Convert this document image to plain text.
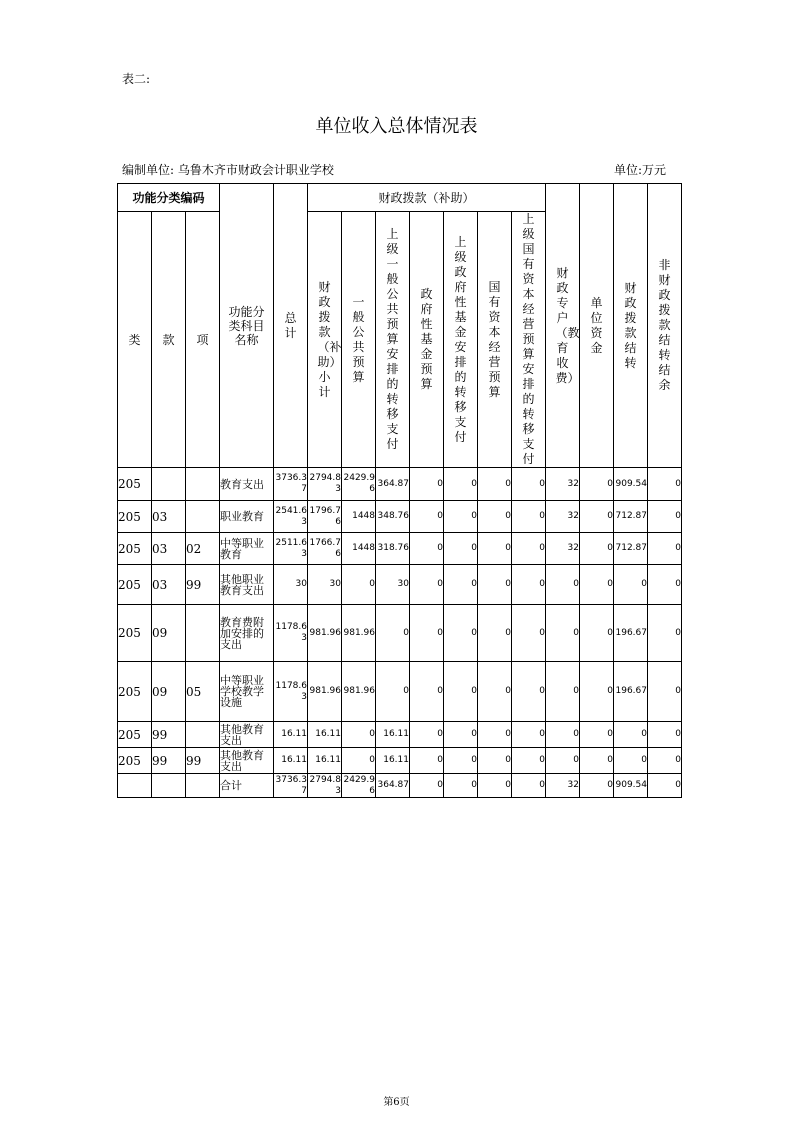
表二:
单位收入总体情况表
编制单位: 乌鲁木齐市财政会计职业学校	单位:万元
功能分类编码			功能分类科目名称	总计	财政拨款（补助）							财政专户（教育收费）	单位资金	财政拨款结转	非财政拨款结转结余
类	款	项			财政拨款（补助）小计	一般公共预算	上级一般公共预算安排的转移支付	政府性基金预算	上级政府性基金安排的转移支付	国有资本经营预算	上级国有资本经营预算安排的转移支付				
205			教育支出	3736.37	2794.83	2429.96	364.87	0	0	0	0	32	0	909.54	0
205	03		职业教育	2541.63	1796.76	1448	348.76	0	0	0	0	32	0	712.87	0
205	03	02	中等职业教育	2511.63	1766.76	1448	318.76	0	0	0	0	32	0	712.87	0
205	03	99	其他职业教育支出	30	30	0	30	0	0	0	0	0	0	0	0
205	09		教育费附加安排的支出	1178.63	981.96	981.96	0	0	0	0	0	0	0	196.67	0
205	09	05	中等职业学校教学设施	1178.63	981.96	981.96	0	0	0	0	0	0	0	196.67	0
205	99		其他教育支出	16.11	16.11	0	16.11	0	0	0	0	0	0	0	0
205	99	99	其他教育支出	16.11	16.11	0	16.11	0	0	0	0	0	0	0	0
			合计	3736.37	2794.83	2429.96	364.87	0	0	0	0	32	0	909.54	0
第6页
